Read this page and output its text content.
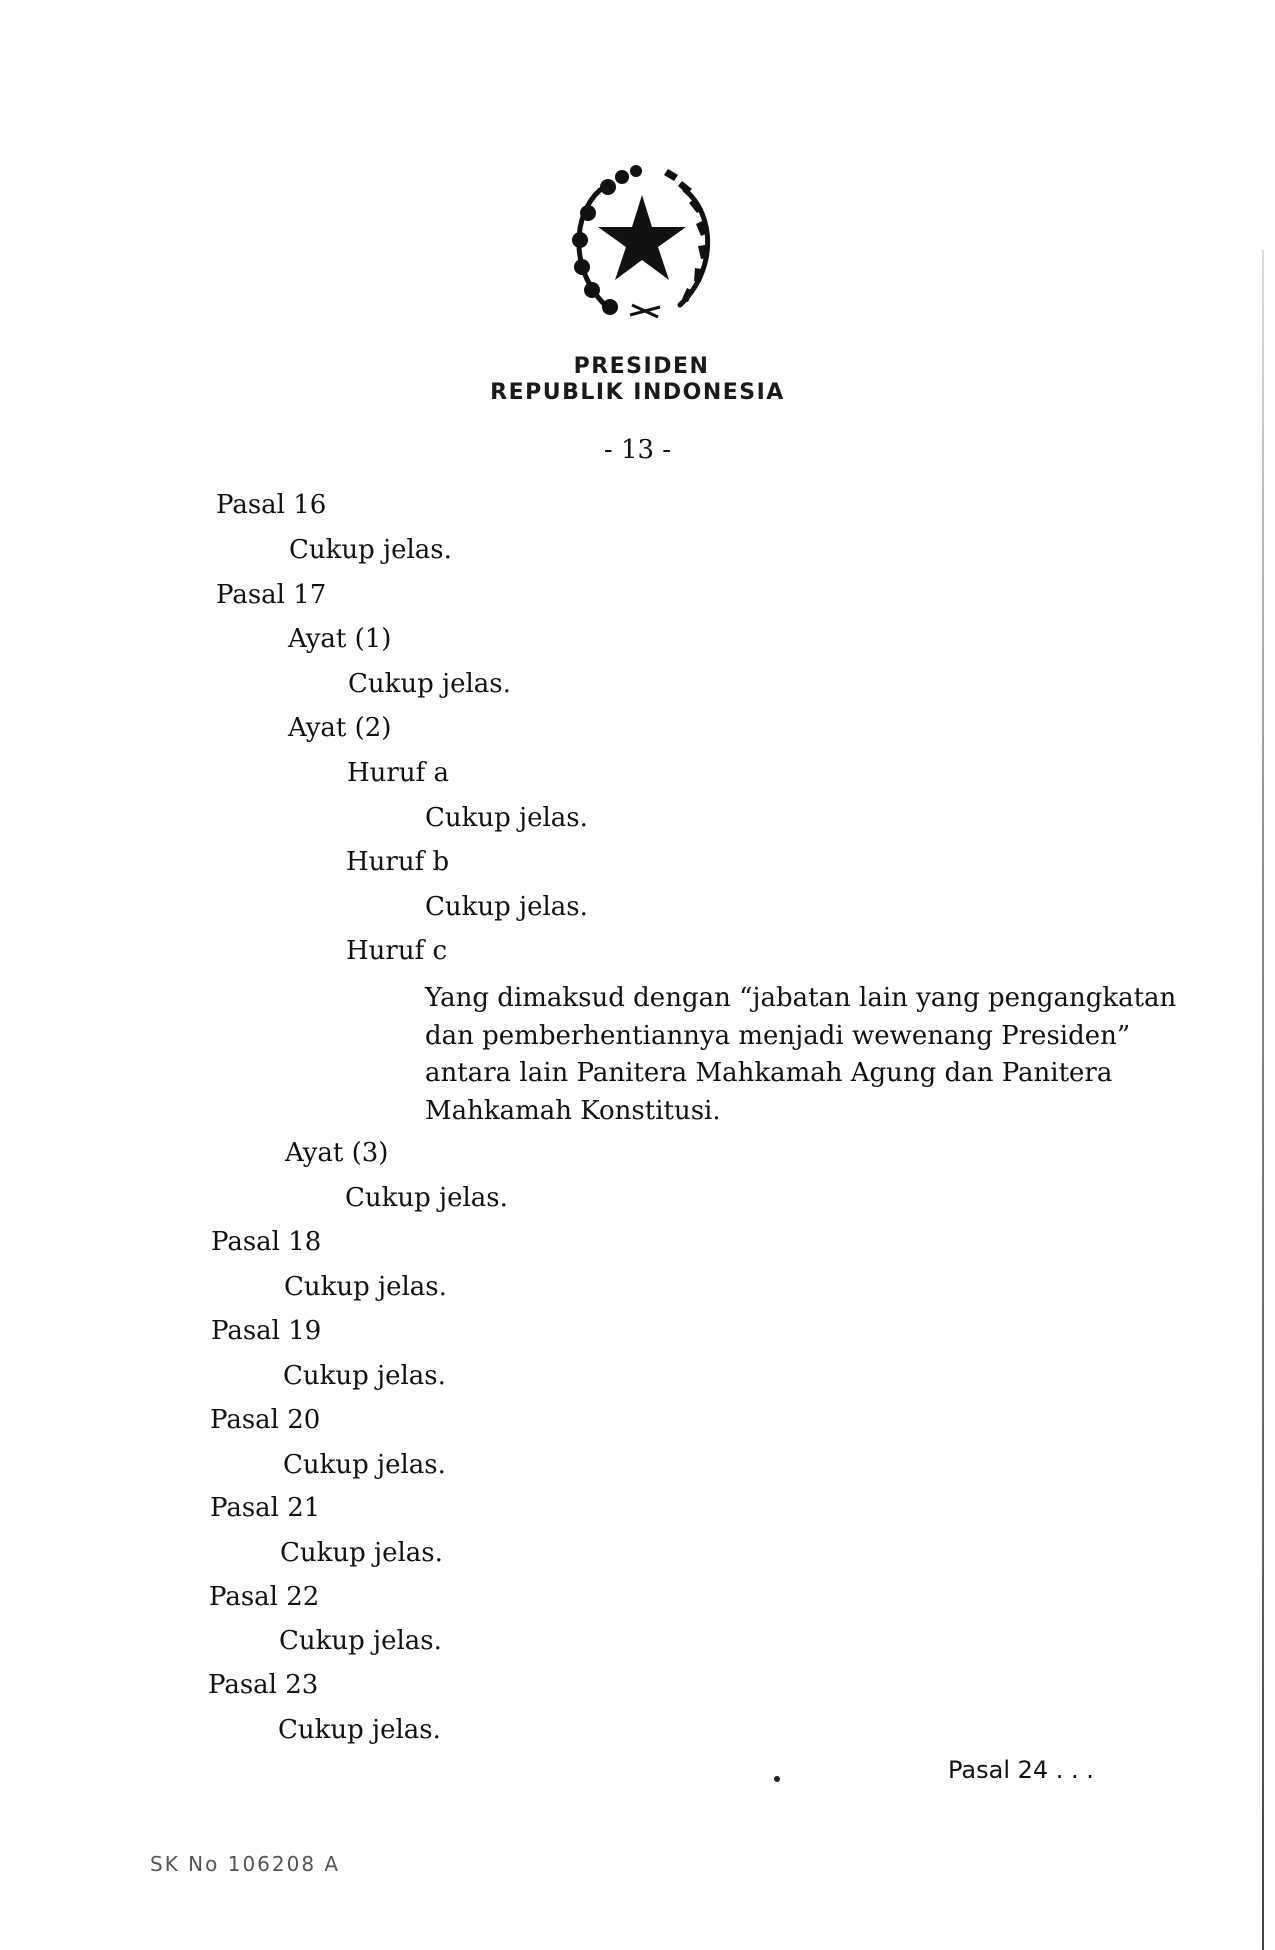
PRESIDEN
REPUBLIK INDONESIA
- 13 -
Pasal 16
Cukup jelas.
Pasal 17
Ayat (1)
Cukup jelas.
Ayat (2)
Huruf a
Cukup jelas.
Huruf b
Cukup jelas.
Huruf c
Yang dimaksud dengan “jabatan lain yang pengangkatan
dan pemberhentiannya menjadi wewenang Presiden”
antara lain Panitera Mahkamah Agung dan Panitera
Mahkamah Konstitusi.
Ayat (3)
Cukup jelas.
Pasal 18
Cukup jelas.
Pasal 19
Cukup jelas.
Pasal 20
Cukup jelas.
Pasal 21
Cukup jelas.
Pasal 22
Cukup jelas.
Pasal 23
Cukup jelas.
Pasal 24 . . .
SK No 106208 A
